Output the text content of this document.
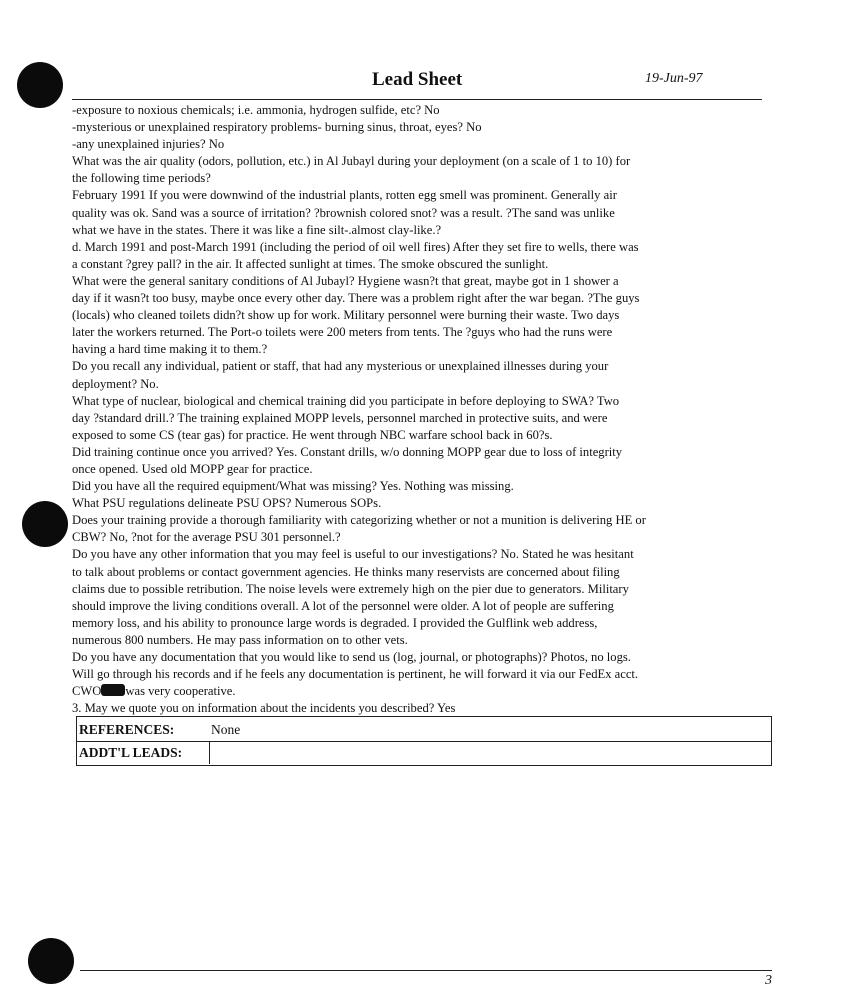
Lead Sheet	19-Jun-97
-exposure to noxious chemicals; i.e. ammonia, hydrogen sulfide, etc? No
-mysterious or unexplained respiratory problems- burning sinus, throat, eyes? No
-any unexplained injuries? No
What was the air quality (odors, pollution, etc.) in Al Jubayl during your deployment (on a scale of 1 to 10) for
the following time periods?
February 1991 If you were downwind of the industrial plants, rotten egg smell was prominent. Generally air
quality was ok. Sand was a source of irritation? ?brownish colored snot? was a result. ?The sand was unlike
what we have in the states. There it was like a fine silt-.almost clay-like.?
d. March 1991 and post-March 1991 (including the period of oil well fires) After they set fire to wells, there was
a constant ?grey pall? in the air. It affected sunlight at times. The smoke obscured the sunlight.
What were the general sanitary conditions of Al Jubayl? Hygiene wasn?t that great, maybe got in 1 shower a
day if it wasn?t too busy, maybe once every other day. There was a problem right after the war began. ?The guys
(locals) who cleaned toilets didn?t show up for work. Military personnel were burning their waste. Two days
later the workers returned. The Port-o toilets were 200 meters from tents. The ?guys who had the runs were
having a hard time making it to them.?
Do you recall any individual, patient or staff, that had any mysterious or unexplained illnesses during your
deployment? No.
What type of nuclear, biological and chemical training did you participate in before deploying to SWA? Two
day ?standard drill.? The training explained MOPP levels, personnel marched in protective suits, and were
exposed to some CS (tear gas) for practice. He went through NBC warfare school back in 60?s.
Did training continue once you arrived? Yes. Constant drills, w/o donning MOPP gear due to loss of integrity
once opened. Used old MOPP gear for practice.
Did you have all the required equipment/What was missing? Yes. Nothing was missing.
What PSU regulations delineate PSU OPS? Numerous SOPs.
Does your training provide a thorough familiarity with categorizing whether or not a munition is delivering HE or
CBW? No, ?not for the average PSU 301 personnel.?
Do you have any other information that you may feel is useful to our investigations? No. Stated he was hesitant
to talk about problems or contact government agencies. He thinks many reservists are concerned about filing
claims due to possible retribution. The noise levels were extremely high on the pier due to generators. Military
should improve the living conditions overall. A lot of the personnel were older. A lot of people are suffering
memory loss, and his ability to pronounce large words is degraded. I provided the Gulflink web address,
numerous 800 numbers. He may pass information on to other vets.
Do you have any documentation that you would like to send us (log, journal, or photographs)? Photos, no logs.
Will go through his records and if he feels any documentation is pertinent, he will forward it via our FedEx acct.
CWO was very cooperative.
3. May we quote you on information about the incidents you described? Yes
REFERENCES:	None
ADDT'L LEADS:
3
